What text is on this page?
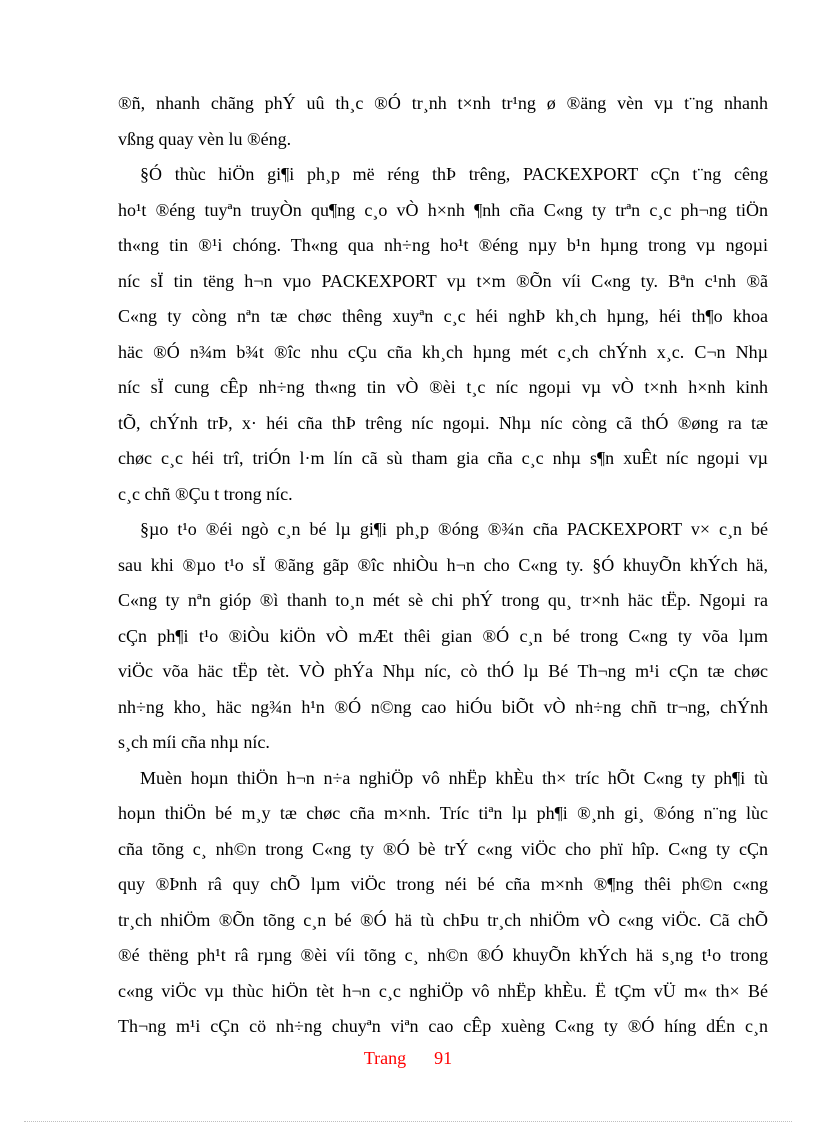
®ñ, nhanh chãng phÝ uû th¸c ®Ó tr¸nh t×nh tr¹ng ø ®äng vèn vµ t¨ng nhanh
vßng quay vèn lu ®éng.
§Ó thùc hiÖn gi¶i ph¸p më réng thÞ trêng, PACKEXPORT cÇn t¨ng cêng
ho¹t ®éng tuyªn truyÒn qu¶ng c¸o vÒ h×nh ¶nh cña C«ng ty trªn c¸c ph¬ng tiÖn
th«ng tin ®¹i chóng. Th«ng qua nh÷ng ho¹t ®éng nµy b¹n hµng trong vµ ngoµi
níc sÏ tin tëng h¬n vµo PACKEXPORT vµ t×m ®Õn víi C«ng ty. Bªn c¹nh ®ã
C«ng ty còng nªn tæ chøc thêng xuyªn c¸c héi nghÞ kh¸ch hµng, héi th¶o khoa
häc ®Ó n¾m b¾t ®îc nhu cÇu cña kh¸ch hµng mét c¸ch chÝnh x¸c. C¬n Nhµ
níc sÏ cung cÊp nh÷ng th«ng tin vÒ ®èi t¸c níc ngoµi vµ vÒ t×nh h×nh kinh
tÕ, chÝnh trÞ, x· héi cña thÞ trêng níc ngoµi. Nhµ níc còng cã thÓ ®øng ra tæ
chøc c¸c héi trî, triÓn l·m lín cã sù tham gia cña c¸c nhµ s¶n xuÊt níc ngoµi vµ
c¸c chñ ®Çu t trong níc.
§µo t¹o ®éi ngò c¸n bé lµ gi¶i ph¸p ®óng ®¾n cña PACKEXPORT v× c¸n bé
sau khi ®µo t¹o sÏ ®ãng gãp ®îc nhiÒu h¬n cho C«ng ty. §Ó khuyÕn khÝch hä,
C«ng ty nªn gióp ®ì thanh to¸n mét sè chi phÝ trong qu¸ tr×nh häc tËp. Ngoµi ra
cÇn ph¶i t¹o ®iÒu kiÖn vÒ mÆt thêi gian ®Ó c¸n bé trong C«ng ty võa lµm
viÖc võa häc tËp tèt. VÒ phÝa Nhµ níc, cò thÓ lµ Bé Th¬ng m¹i cÇn tæ chøc
nh÷ng kho¸ häc ng¾n h¹n ®Ó n©ng cao hiÓu biÕt vÒ nh÷ng chñ tr¬ng, chÝnh
s¸ch míi cña nhµ níc.
Muèn hoµn thiÖn h¬n n÷a nghiÖp vô nhËp khÈu th× tríc hÕt C«ng ty ph¶i tù
hoµn thiÖn bé m¸y tæ chøc cña m×nh. Tríc tiªn lµ ph¶i ®¸nh gi¸ ®óng n¨ng lùc
cña tõng c¸ nh©n trong C«ng ty ®Ó bè trÝ c«ng viÖc cho phï hîp. C«ng ty cÇn
quy ®Þnh râ quy chÕ lµm viÖc trong néi bé cña m×nh ®¶ng thêi ph©n c«ng
tr¸ch nhiÖm ®Õn tõng c¸n bé ®Ó hä tù chÞu tr¸ch nhiÖm vÒ c«ng viÖc. Cã chÕ
®é thëng ph¹t râ rµng ®èi víi tõng c¸ nh©n ®Ó khuyÕn khÝch hä s¸ng t¹o trong
c«ng viÖc vµ thùc hiÖn tèt h¬n c¸c nghiÖp vô nhËp khÈu. Ë tÇm vÜ m« th× Bé
Th¬ng m¹i cÇn cö nh÷ng chuyªn viªn cao cÊp xuèng C«ng ty ®Ó híng dÉn c¸n
Trang 91
